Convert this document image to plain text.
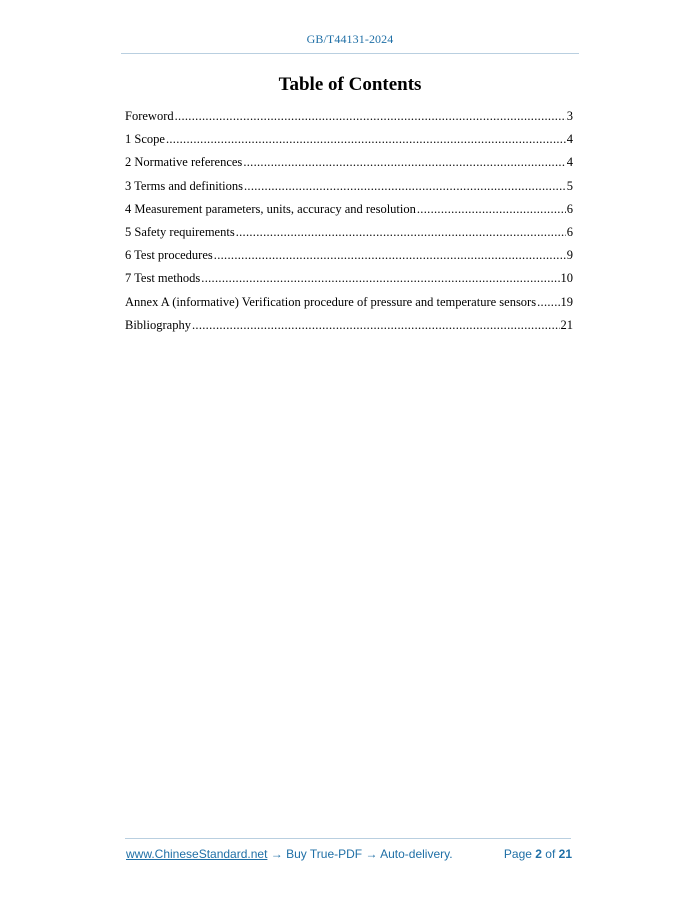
GB/T44131-2024
Table of Contents
Foreword .....	3
1 Scope .....	4
2 Normative references .....	4
3 Terms and definitions .....	5
4 Measurement parameters, units, accuracy and resolution .....	6
5 Safety requirements .....	6
6 Test procedures .....	9
7 Test methods .....	10
Annex A (informative) Verification procedure of pressure and temperature sensors ..... 19
Bibliography .....	21
www.ChineseStandard.net → Buy True-PDF → Auto-delivery.	Page 2 of 21
